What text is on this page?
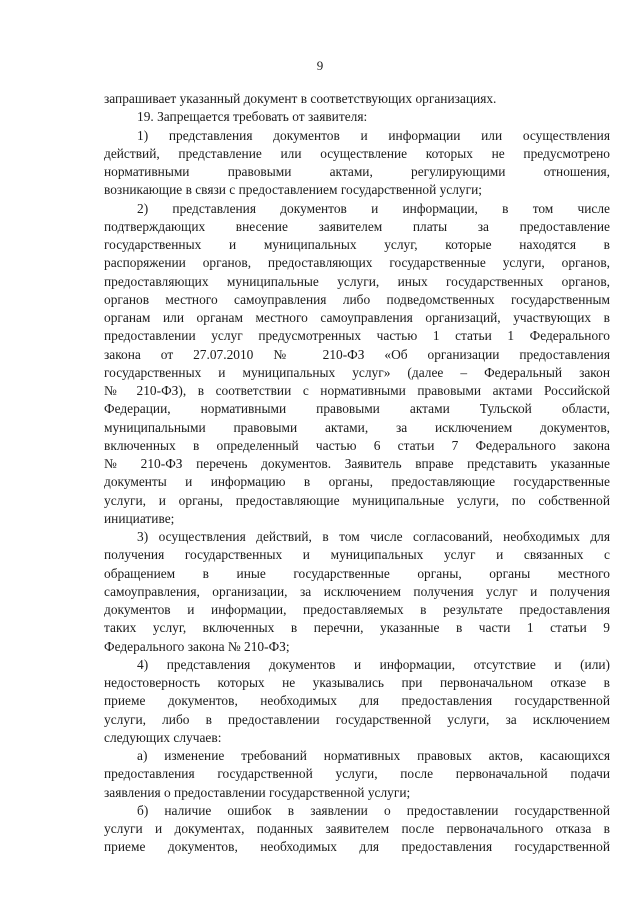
9
запрашивает указанный документ в соответствующих организациях.
19. Запрещается требовать от заявителя:
1) представления документов и информации или осуществления
действий, представление или осуществление которых не предусмотрено
нормативными правовыми актами, регулирующими отношения,
возникающие в связи с предоставлением государственной услуги;
2) представления документов и информации, в том числе
подтверждающих внесение заявителем платы за предоставление
государственных и муниципальных услуг, которые находятся в
распоряжении органов, предоставляющих государственные услуги, органов,
предоставляющих муниципальные услуги, иных государственных органов,
органов местного самоуправления либо подведомственных государственным
органам или органам местного самоуправления организаций, участвующих в
предоставлении услуг предусмотренных частью 1 статьи 1 Федерального
закона от 27.07.2010 № 210-ФЗ «Об организации предоставления
государственных и муниципальных услуг» (далее – Федеральный закон
№ 210-ФЗ), в соответствии с нормативными правовыми актами Российской
Федерации, нормативными правовыми актами Тульской области,
муниципальными правовыми актами, за исключением документов,
включенных в определенный частью 6 статьи 7 Федерального закона
№ 210-ФЗ перечень документов. Заявитель вправе представить указанные
документы и информацию в органы, предоставляющие государственные
услуги, и органы, предоставляющие муниципальные услуги, по собственной
инициативе;
3) осуществления действий, в том числе согласований, необходимых для
получения государственных и муниципальных услуг и связанных с
обращением в иные государственные органы, органы местного
самоуправления, организации, за исключением получения услуг и получения
документов и информации, предоставляемых в результате предоставления
таких услуг, включенных в перечни, указанные в части 1 статьи 9
Федерального закона № 210-ФЗ;
4) представления документов и информации, отсутствие и (или)
недостоверность которых не указывались при первоначальном отказе в
приеме документов, необходимых для предоставления государственной
услуги, либо в предоставлении государственной услуги, за исключением
следующих случаев:
а) изменение требований нормативных правовых актов, касающихся
предоставления государственной услуги, после первоначальной подачи
заявления о предоставлении государственной услуги;
б) наличие ошибок в заявлении о предоставлении государственной
услуги и документах, поданных заявителем после первоначального отказа в
приеме документов, необходимых для предоставления государственной
